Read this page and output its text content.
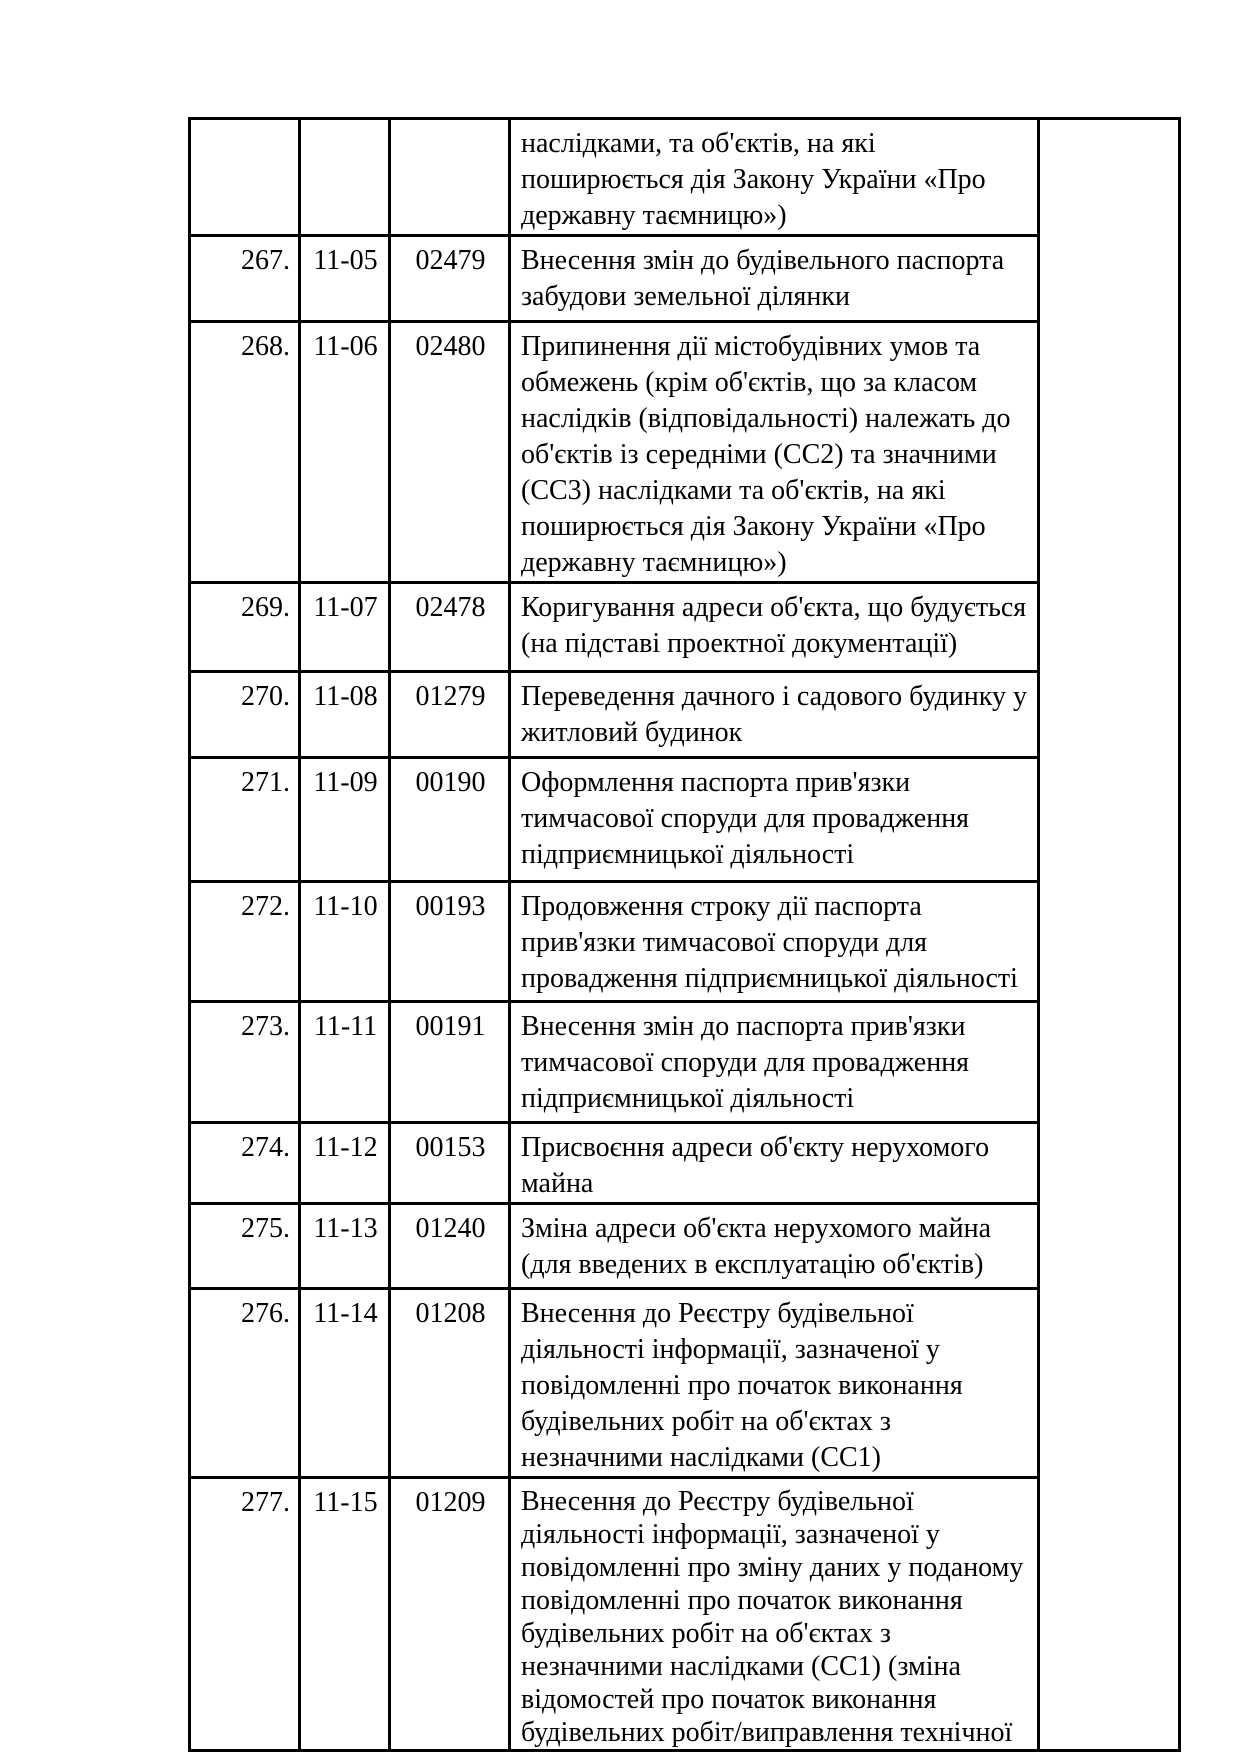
			наслідками, та об'єктів, на які поширюється дія Закону України «Про державну таємницю»)	
267.	11-05	02479	Внесення змін до будівельного паспорта забудови земельної ділянки	
268.	11-06	02480	Припинення дії містобудівних умов та обмежень (крім об'єктів, що за класом наслідків (відповідальності) належать до об'єктів із середніми (СС2) та значними (СС3) наслідками та об'єктів, на які поширюється дія Закону України «Про державну таємницю»)	
269.	11-07	02478	Коригування адреси об'єкта, що будується (на підставі проектної документації)	
270.	11-08	01279	Переведення дачного і садового будинку у житловий будинок	
271.	11-09	00190	Оформлення паспорта прив'язки тимчасової споруди для провадження підприємницької діяльності	
272.	11-10	00193	Продовження строку дії паспорта прив'язки тимчасової споруди для провадження підприємницької діяльності	
273.	11-11	00191	Внесення змін до паспорта прив'язки тимчасової споруди для провадження підприємницької діяльності	
274.	11-12	00153	Присвоєння адреси об'єкту нерухомого майна	
275.	11-13	01240	Зміна адреси об'єкта нерухомого майна (для введених в експлуатацію об'єктів)	
276.	11-14	01208	Внесення до Реєстру будівельної діяльності інформації, зазначеної у повідомленні про початок виконання будівельних робіт на об'єктах з незначними наслідками (СС1)	
277.	11-15	01209	Внесення до Реєстру будівельної діяльності інформації, зазначеної у повідомленні про зміну даних у поданому повідомленні про початок виконання будівельних робіт на об'єктах з незначними наслідками (СС1) (зміна відомостей про початок виконання будівельних робіт/виправлення технічної	
